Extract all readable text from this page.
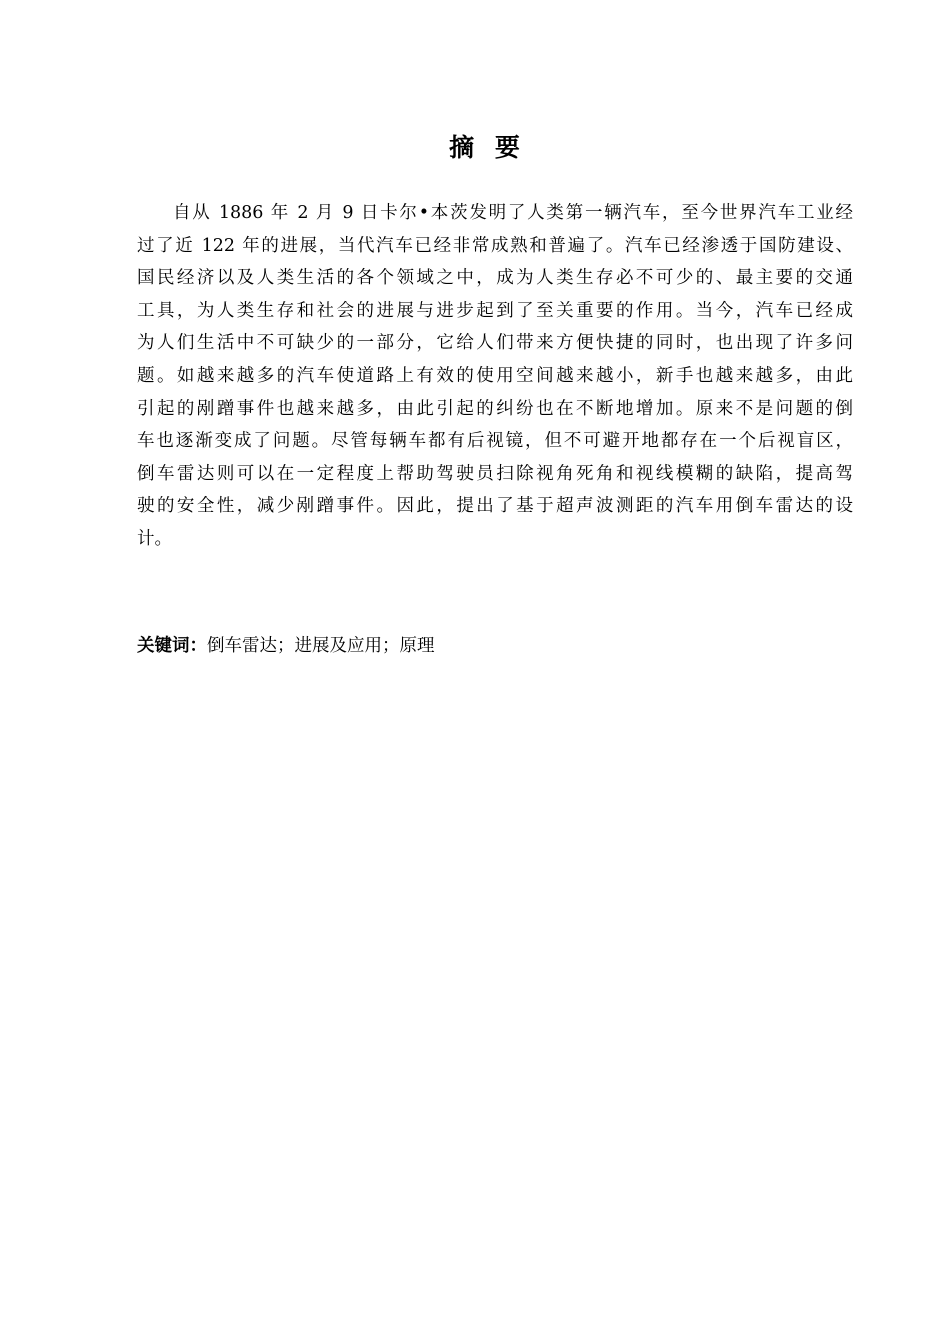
摘 要
自从 1886 年 2 月 9 日卡尔•本茨发明了人类第一辆汽车，至今世界汽车工业经
过了近 122 年的进展，当代汽车已经非常成熟和普遍了。汽车已经渗透于国防建设、
国民经济以及人类生活的各个领域之中，成为人类生存必不可少的、最主要的交通
工具，为人类生存和社会的进展与进步起到了至关重要的作用。当今，汽车已经成
为人们生活中不可缺少的一部分，它给人们带来方便快捷的同时，也出现了许多问
题。如越来越多的汽车使道路上有效的使用空间越来越小，新手也越来越多，由此
引起的剐蹭事件也越来越多，由此引起的纠纷也在不断地增加。原来不是问题的倒
车也逐渐变成了问题。尽管每辆车都有后视镜，但不可避开地都存在一个后视盲区，
倒车雷达则可以在一定程度上帮助驾驶员扫除视角死角和视线模糊的缺陷，提高驾
驶的安全性，减少剐蹭事件。因此，提出了基于超声波测距的汽车用倒车雷达的设
计。
关键词：倒车雷达；进展及应用；原理
